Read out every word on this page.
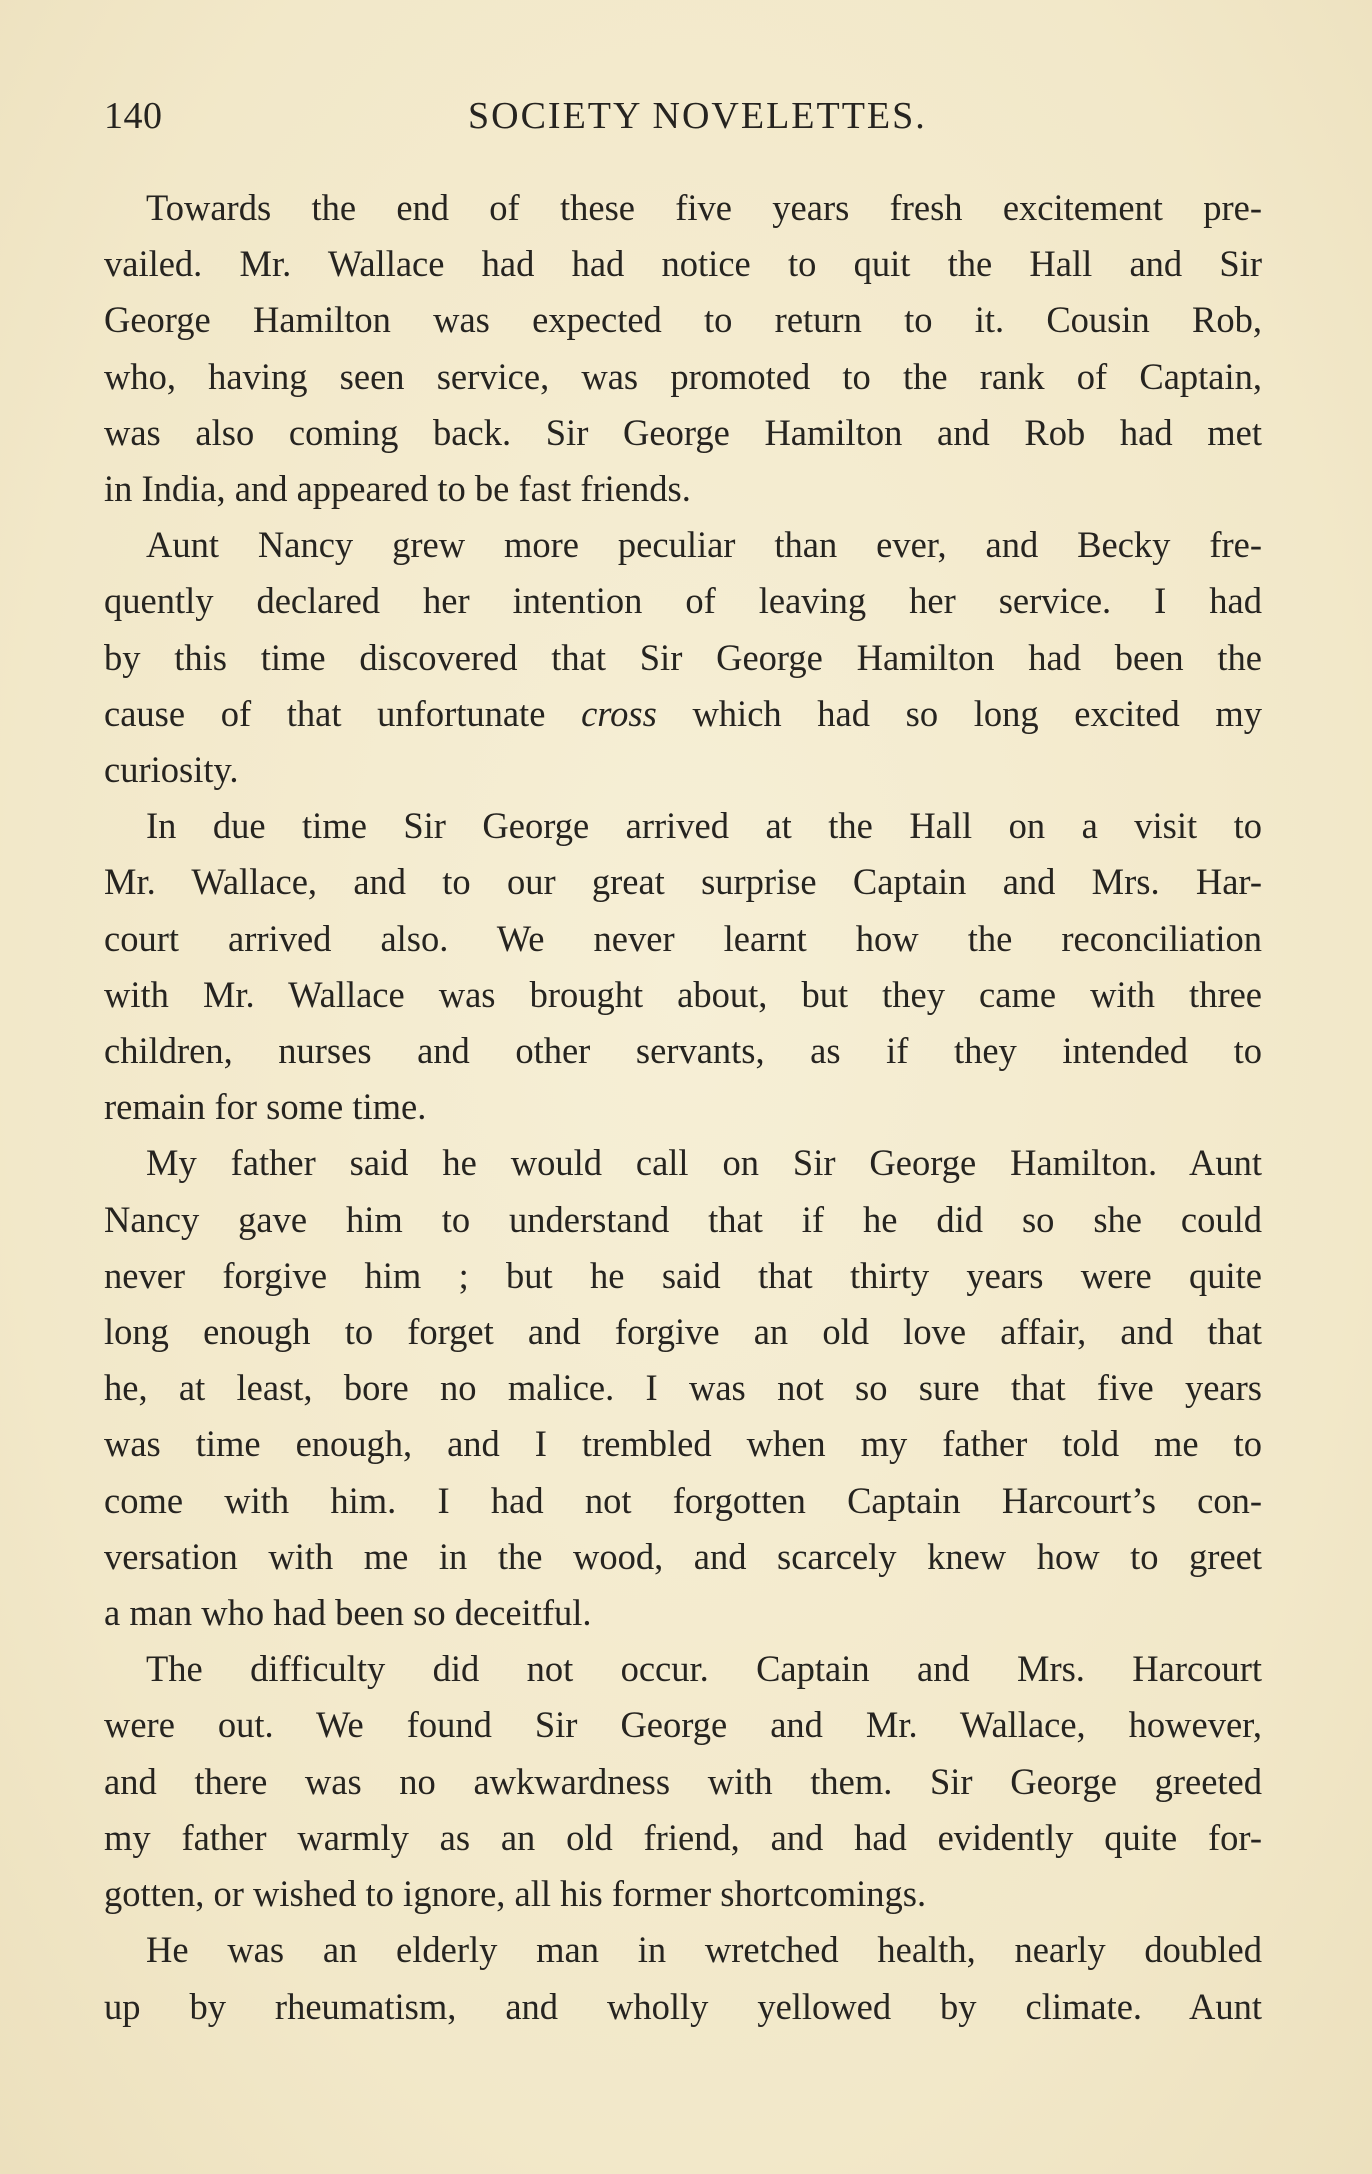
140	SOCIETY NOVELETTES.
Towards the end of these five years fresh excitement pre-
vailed. Mr. Wallace had had notice to quit the Hall and Sir
George Hamilton was expected to return to it. Cousin Rob,
who, having seen service, was promoted to the rank of Captain,
was also coming back. Sir George Hamilton and Rob had met
in India, and appeared to be fast friends.
Aunt Nancy grew more peculiar than ever, and Becky fre-
quently declared her intention of leaving her service. I had
by this time discovered that Sir George Hamilton had been the
cause of that unfortunate cross which had so long excited my
curiosity.
In due time Sir George arrived at the Hall on a visit to
Mr. Wallace, and to our great surprise Captain and Mrs. Har-
court arrived also. We never learnt how the reconciliation
with Mr. Wallace was brought about, but they came with three
children, nurses and other servants, as if they intended to
remain for some time.
My father said he would call on Sir George Hamilton. Aunt
Nancy gave him to understand that if he did so she could
never forgive him ; but he said that thirty years were quite
long enough to forget and forgive an old love affair, and that
he, at least, bore no malice. I was not so sure that five years
was time enough, and I trembled when my father told me to
come with him. I had not forgotten Captain Harcourt’s con-
versation with me in the wood, and scarcely knew how to greet
a man who had been so deceitful.
The difficulty did not occur. Captain and Mrs. Harcourt
were out. We found Sir George and Mr. Wallace, however,
and there was no awkwardness with them. Sir George greeted
my father warmly as an old friend, and had evidently quite for-
gotten, or wished to ignore, all his former shortcomings.
He was an elderly man in wretched health, nearly doubled
up by rheumatism, and wholly yellowed by climate. Aunt
